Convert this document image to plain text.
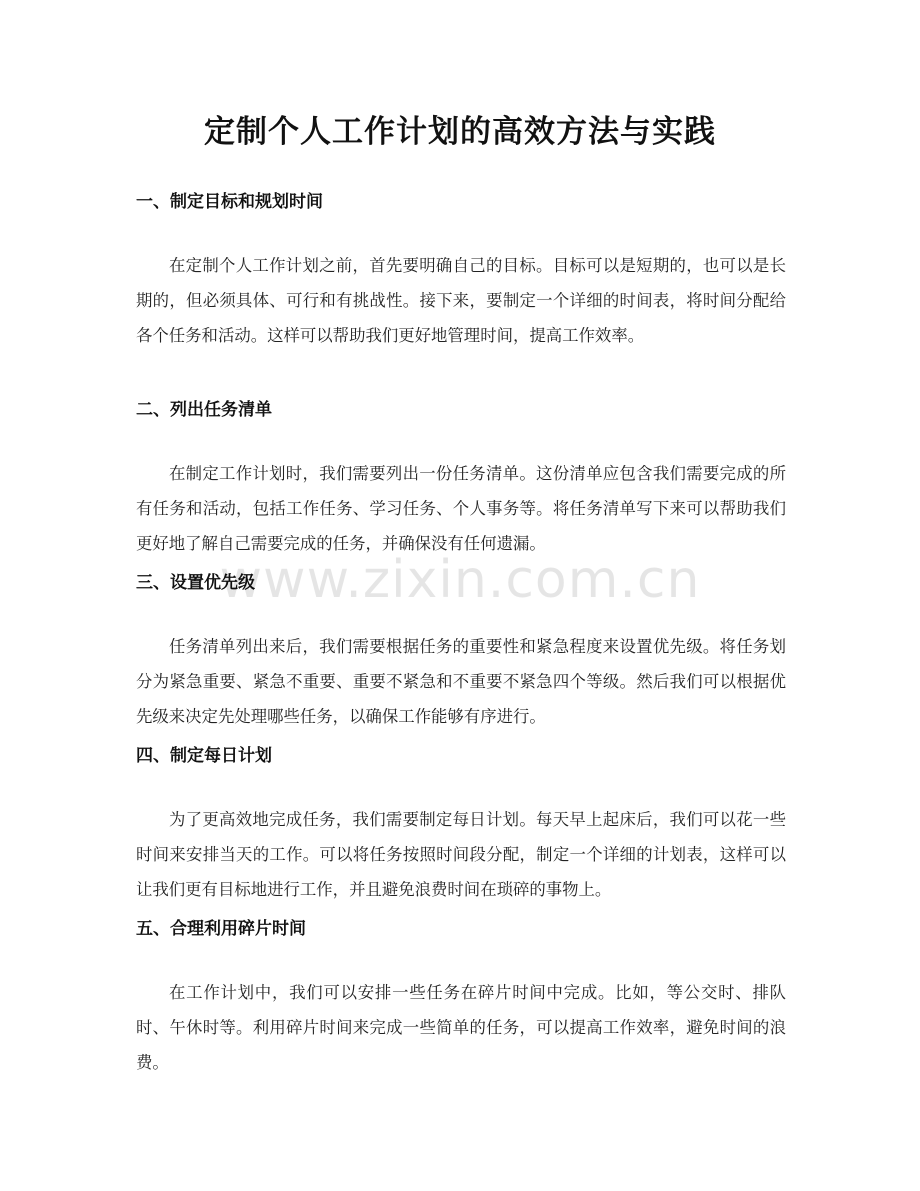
定制个人工作计划的高效方法与实践
一、制定目标和规划时间

在定制个人工作计划之前，首先要明确自己的目标。目标可以是短期的，也可以是长期的，但必须具体、可行和有挑战性。接下来，要制定一个详细的时间表，将时间分配给各个任务和活动。这样可以帮助我们更好地管理时间，提高工作效率。

二、列出任务清单

在制定工作计划时，我们需要列出一份任务清单。这份清单应包含我们需要完成的所有任务和活动，包括工作任务、学习任务、个人事务等。将任务清单写下来可以帮助我们更好地了解自己需要完成的任务，并确保没有任何遗漏。

三、设置优先级

任务清单列出来后，我们需要根据任务的重要性和紧急程度来设置优先级。将任务划分为紧急重要、紧急不重要、重要不紧急和不重要不紧急四个等级。然后我们可以根据优先级来决定先处理哪些任务，以确保工作能够有序进行。

四、制定每日计划

为了更高效地完成任务，我们需要制定每日计划。每天早上起床后，我们可以花一些时间来安排当天的工作。可以将任务按照时间段分配，制定一个详细的计划表，这样可以让我们更有目标地进行工作，并且避免浪费时间在琐碎的事物上。

五、合理利用碎片时间

在工作计划中，我们可以安排一些任务在碎片时间中完成。比如，等公交时、排队时、午休时等。利用碎片时间来完成一些简单的任务，可以提高工作效率，避免时间的浪费。

www.zixin.com.cn
